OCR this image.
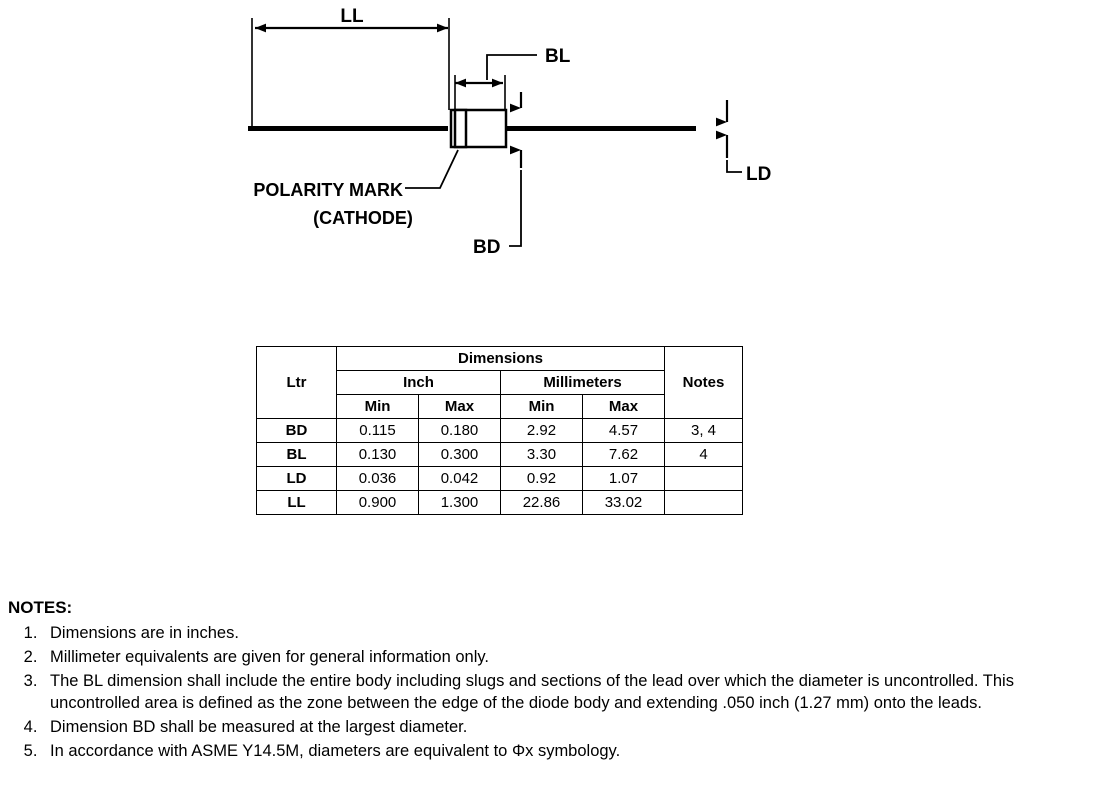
LL
BL
BD
LD
POLARITY MARK
(CATHODE)
	Dimensions				
Ltr	Inch		Millimeters		Notes
	Min	Max	Min	Max	
BD	0.115	0.180	2.92	4.57	3, 4
BL	0.130	0.300	3.30	7.62	4
LD	0.036	0.042	0.92	1.07	
LL	0.900	1.300	22.86	33.02	
NOTES:
1. Dimensions are in inches.
2. Millimeter equivalents are given for general information only.
3. The BL dimension shall include the entire body including slugs and sections of the lead over which the diameter is uncontrolled. This uncontrolled area is defined as the zone between the edge of the diode body and extending .050 inch (1.27 mm) onto the leads.
4. Dimension BD shall be measured at the largest diameter.
5. In accordance with ASME Y14.5M, diameters are equivalent to Φx symbology.
